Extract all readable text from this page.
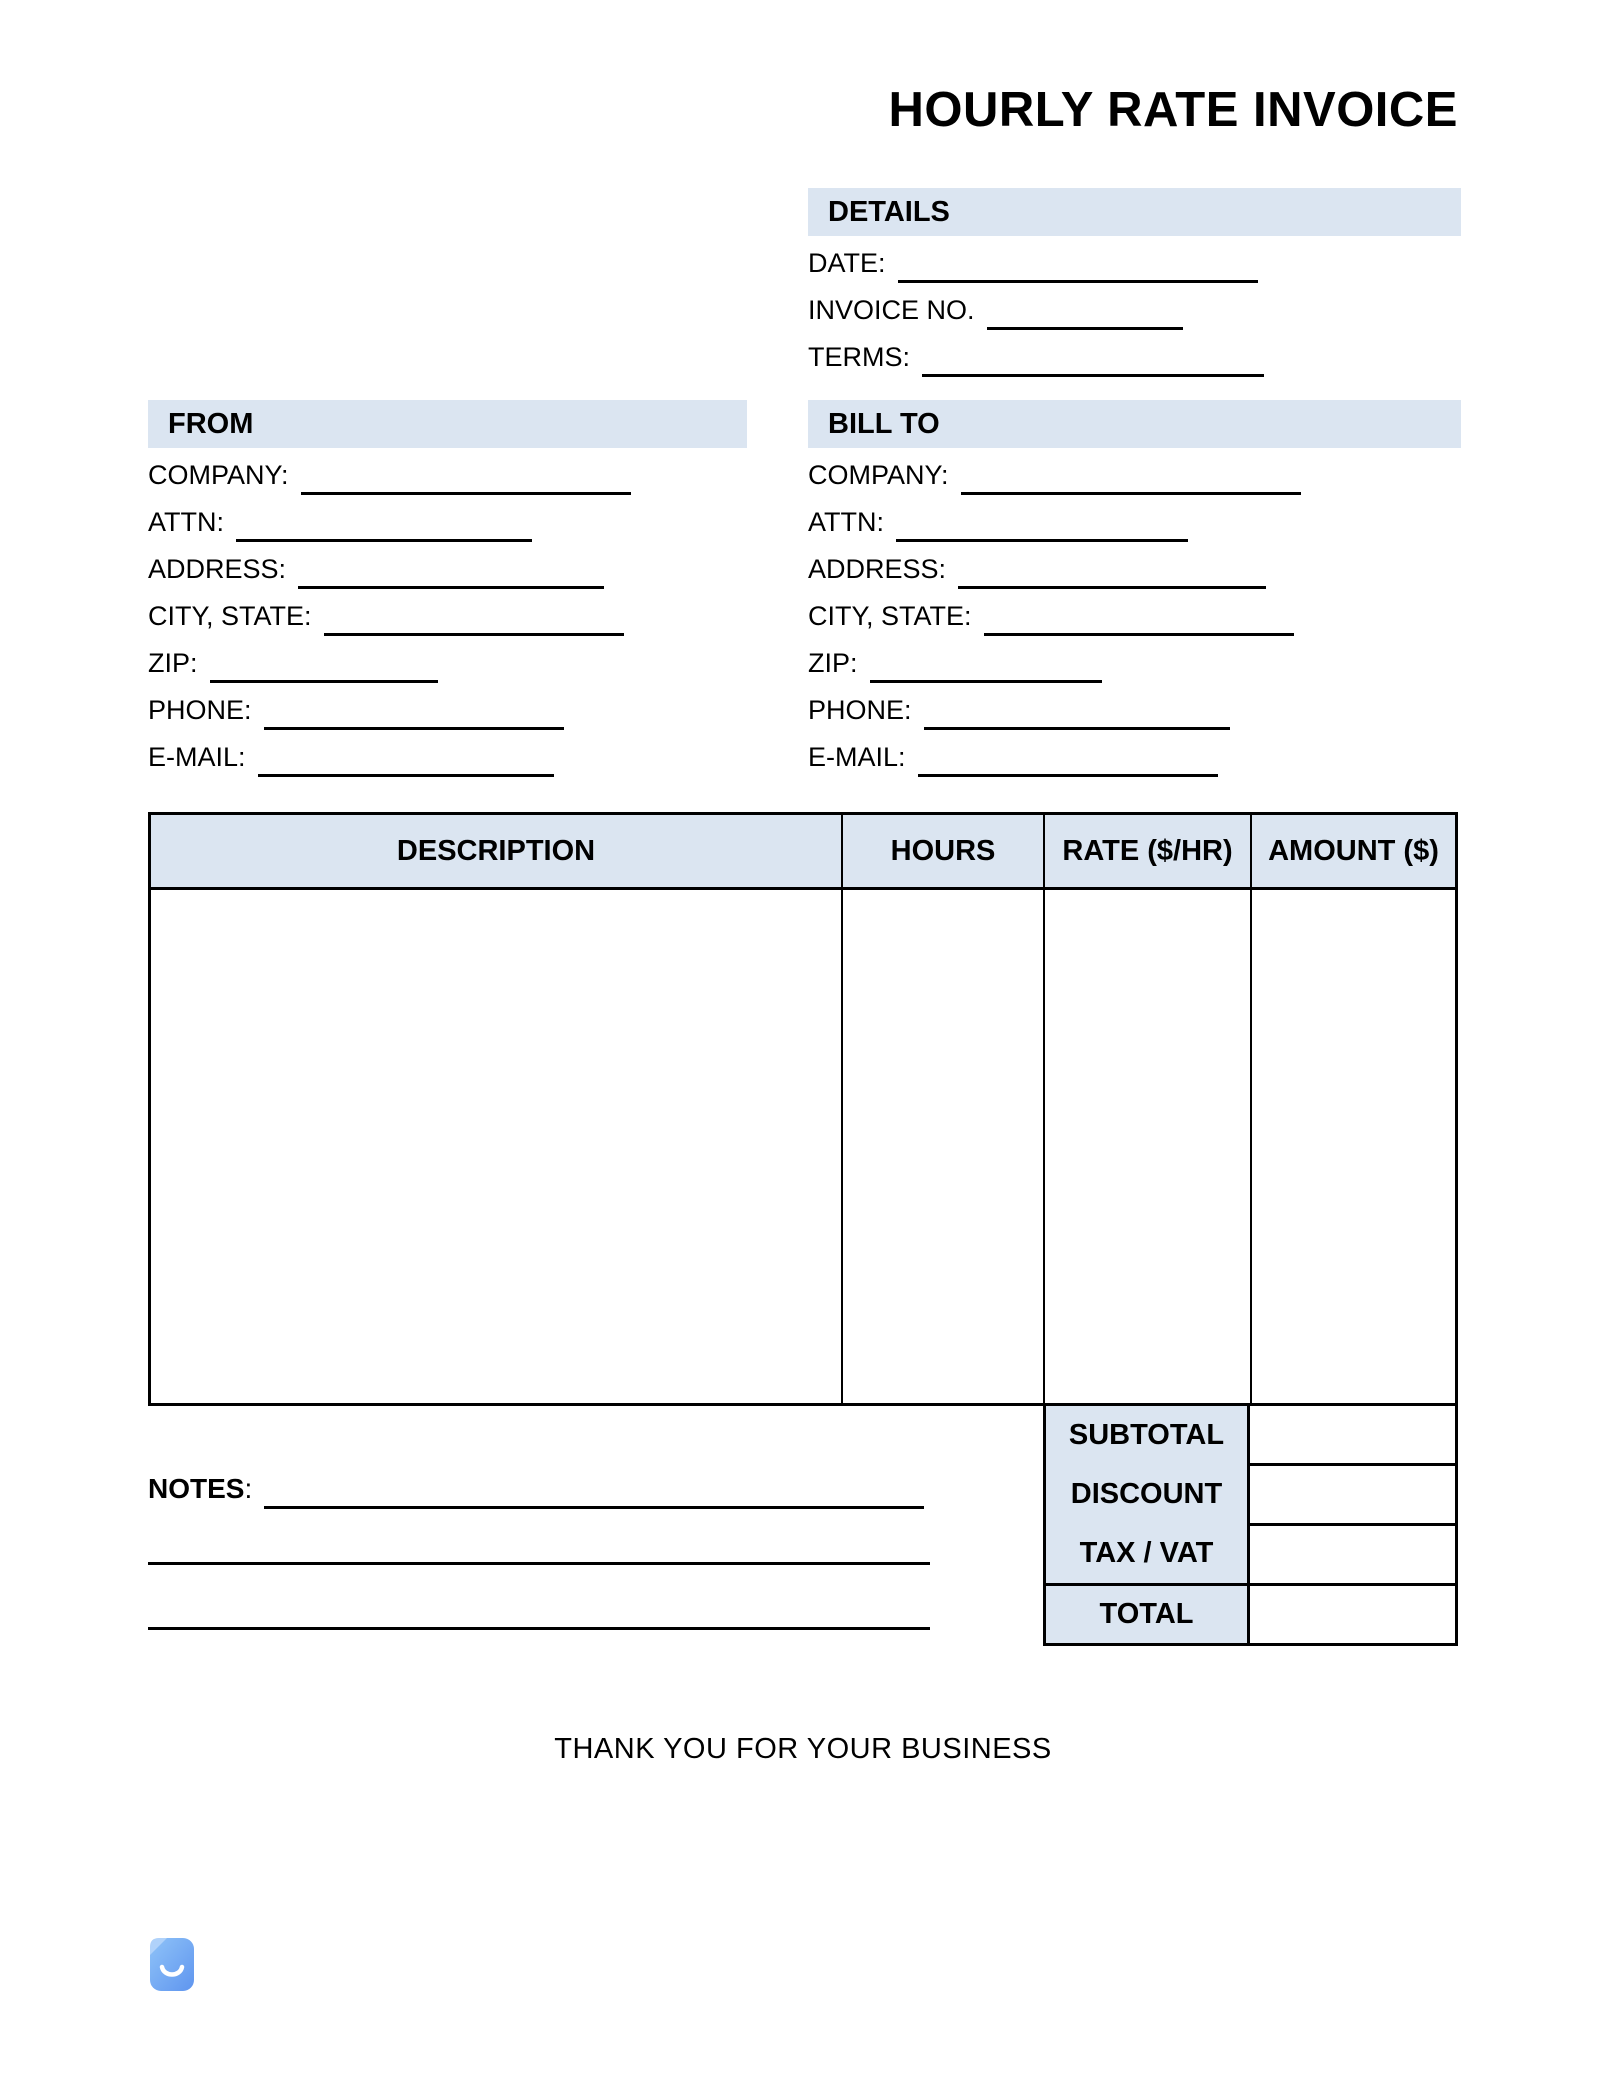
HOURLY RATE INVOICE
DETAILS
DATE:
INVOICE NO.
TERMS:
FROM
COMPANY:
ATTN:
ADDRESS:
CITY, STATE:
ZIP:
PHONE:
E-MAIL:
BILL TO
COMPANY:
ATTN:
ADDRESS:
CITY, STATE:
ZIP:
PHONE:
E-MAIL:
DESCRIPTION	HOURS	RATE ($/HR)	AMOUNT ($)
SUBTOTAL
DISCOUNT
TAX / VAT
TOTAL
NOTES :
THANK YOU FOR YOUR BUSINESS
